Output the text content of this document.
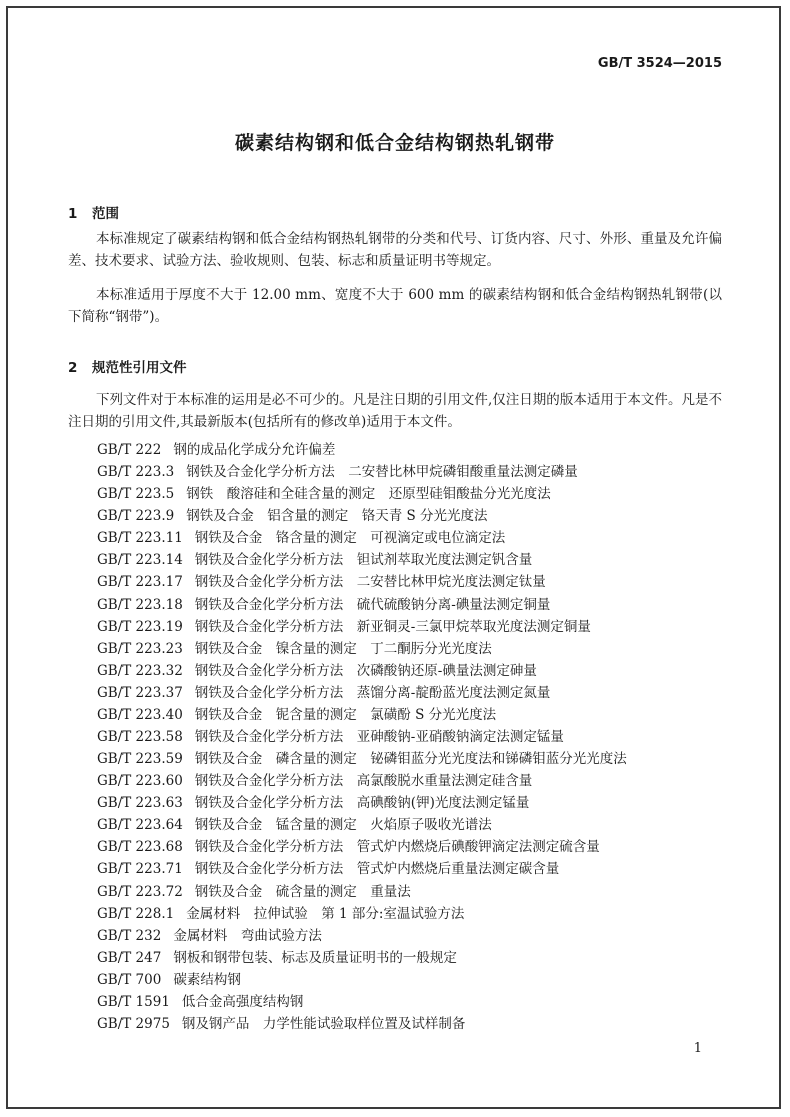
GB/T 3524—2015
碳素结构钢和低合金结构钢热轧钢带
1 范围

本标准规定了碳素结构钢和低合金结构钢热轧钢带的分类和代号、订货内容、尺寸、外形、重量及允许偏差、技术要求、试验方法、验收规则、包装、标志和质量证明书等规定。

本标准适用于厚度不大于 12.00 mm、宽度不大于 600 mm 的碳素结构钢和低合金结构钢热轧钢带(以下简称“钢带”)。

2 规范性引用文件

下列文件对于本标准的运用是必不可少的。凡是注日期的引用文件,仅注日期的版本适用于本文件。凡是不注日期的引用文件,其最新版本(包括所有的修改单)适用于本文件。

GB/T 222 钢的成品化学成分允许偏差
GB/T 223.3 钢铁及合金化学分析方法　二安替比林甲烷磷钼酸重量法测定磷量
GB/T 223.5 钢铁　酸溶硅和全硅含量的测定　还原型硅钼酸盐分光光度法
GB/T 223.9 钢铁及合金　铝含量的测定　铬天青 S 分光光度法
GB/T 223.11 钢铁及合金　铬含量的测定　可视滴定或电位滴定法
GB/T 223.14 钢铁及合金化学分析方法　钽试剂萃取光度法测定钒含量
GB/T 223.17 钢铁及合金化学分析方法　二安替比林甲烷光度法测定钛量
GB/T 223.18 钢铁及合金化学分析方法　硫代硫酸钠分离-碘量法测定铜量
GB/T 223.19 钢铁及合金化学分析方法　新亚铜灵-三氯甲烷萃取光度法测定铜量
GB/T 223.23 钢铁及合金　镍含量的测定　丁二酮肟分光光度法
GB/T 223.32 钢铁及合金化学分析方法　次磷酸钠还原-碘量法测定砷量
GB/T 223.37 钢铁及合金化学分析方法　蒸馏分离-靛酚蓝光度法测定氮量
GB/T 223.40 钢铁及合金　铌含量的测定　氯磺酚 S 分光光度法
GB/T 223.58 钢铁及合金化学分析方法　亚砷酸钠-亚硝酸钠滴定法测定锰量
GB/T 223.59 钢铁及合金　磷含量的测定　铋磷钼蓝分光光度法和锑磷钼蓝分光光度法
GB/T 223.60 钢铁及合金化学分析方法　高氯酸脱水重量法测定硅含量
GB/T 223.63 钢铁及合金化学分析方法　高碘酸钠(钾)光度法测定锰量
GB/T 223.64 钢铁及合金　锰含量的测定　火焰原子吸收光谱法
GB/T 223.68 钢铁及合金化学分析方法　管式炉内燃烧后碘酸钾滴定法测定硫含量
GB/T 223.71 钢铁及合金化学分析方法　管式炉内燃烧后重量法测定碳含量
GB/T 223.72 钢铁及合金　硫含量的测定　重量法
GB/T 228.1 金属材料　拉伸试验　第 1 部分:室温试验方法
GB/T 232 金属材料　弯曲试验方法
GB/T 247 钢板和钢带包装、标志及质量证明书的一般规定
GB/T 700 碳素结构钢
GB/T 1591 低合金高强度结构钢
GB/T 2975 钢及钢产品　力学性能试验取样位置及试样制备
1
